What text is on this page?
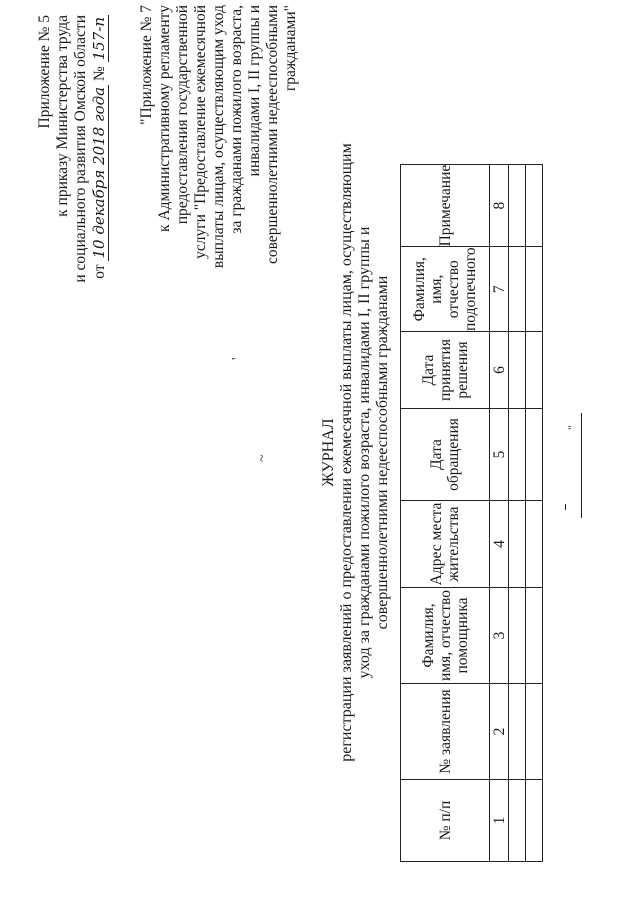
Приложение № 5 к приказу Министерства труда и социального развития Омской области от 10 декабря 2018 года № 157-п "Приложение № 7 к Административному регламенту предоставления государственной услуги "Предоставление ежемесячной выплаты лицам, осуществляющим уход за гражданами пожилого возраста, инвалидами I, II группы и совершеннолетними недееспособными гражданами"
'
~	ЖУРНАЛ регистрации заявлений о предоставлении ежемесячной выплаты лицам, осуществляющим уход за гражданами пожилого возраста, инвалидами I, II группы и совершеннолетними недееспособными гражданами
№ п/п	№ заявления	Фамилия, имя, отчество помощника	Адрес места жительства	Дата обращения	Дата принятия решения	Фамилия, имя, отчество подопечного	Примечание
1	2	3	4	5	6	7	8

"
